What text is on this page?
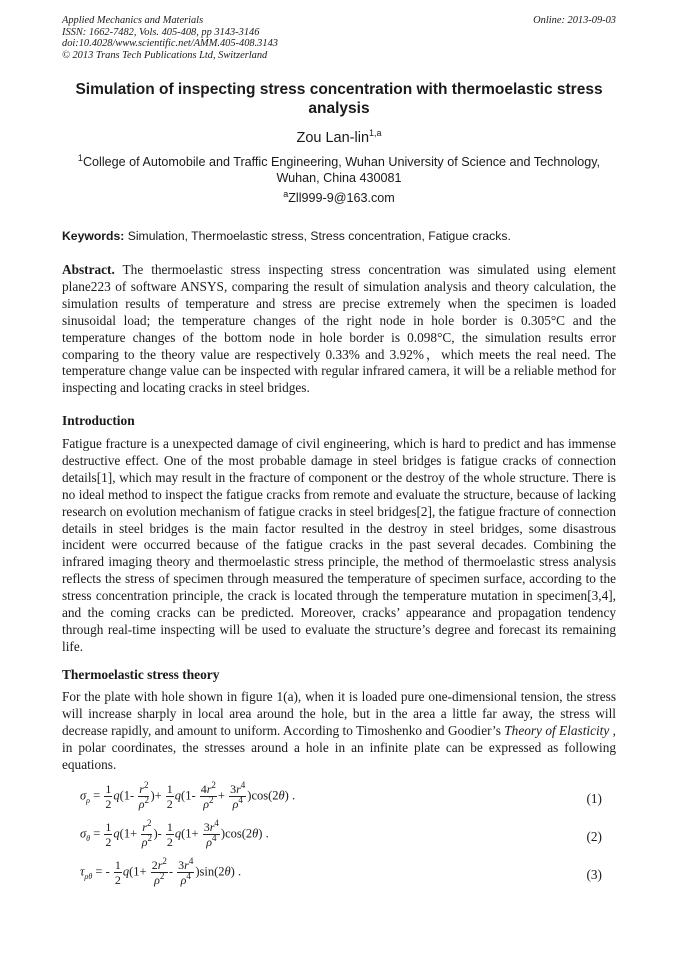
Applied Mechanics and Materials
ISSN: 1662-7482, Vols. 405-408, pp 3143-3146
doi:10.4028/www.scientific.net/AMM.405-408.3143
© 2013 Trans Tech Publications Ltd, Switzerland
Online: 2013-09-03
Simulation of inspecting stress concentration with thermoelastic stress analysis
Zou Lan-lin$^{1,a}$
$^1$College of Automobile and Traffic Engineering, Wuhan University of Science and Technology,
Wuhan, China 430081
$^a$Zll999-9@163.com
Keywords: Simulation, Thermoelastic stress, Stress concentration, Fatigue cracks.
Abstract. The thermoelastic stress inspecting stress concentration was simulated using element plane223 of software ANSYS, comparing the result of simulation analysis and theory calculation, the simulation results of temperature and stress are precise extremely when the specimen is loaded sinusoidal load; the temperature changes of the right node in hole border is 0.305°C and the temperature changes of the bottom node in hole border is 0.098°C, the simulation results error comparing to the theory value are respectively 0.33% and 3.92%，which meets the real need. The temperature change value can be inspected with regular infrared camera, it will be a reliable method for inspecting and locating cracks in steel bridges.
Introduction
Fatigue fracture is a unexpected damage of civil engineering, which is hard to predict and has immense destructive effect. One of the most probable damage in steel bridges is fatigue cracks of connection details[1], which may result in the fracture of component or the destroy of the whole structure. There is no ideal method to inspect the fatigue cracks from remote and evaluate the structure, because of lacking research on evolution mechanism of fatigue cracks in steel bridges[2], the fatigue fracture of connection details in steel bridges is the main factor resulted in the destroy in steel bridges, some disastrous incident were occurred because of the fatigue cracks in the past several decades. Combining the infrared imaging theory and thermoelastic stress principle, the method of thermoelastic stress analysis reflects the stress of specimen through measured the temperature of specimen surface, according to the stress concentration principle, the crack is located through the temperature mutation in specimen[3,4], and the coming cracks can be predicted. Moreover, cracks’ appearance and propagation tendency through real-time inspecting will be used to evaluate the structure’s degree and forecast its remaining life.
Thermoelastic stress theory
For the plate with hole shown in figure 1(a), when it is loaded pure one-dimensional tension, the stress will increase sharply in local area around the hole, but in the area a little far away, the stress will decrease rapidly, and amount to uniform. According to Timoshenko and Goodier’s Theory of Elasticity , in polar coordinates, the stresses around a hole in an infinite plate can be expressed as following equations.
$\sigma_\rho = \frac{1}{2} q(1- \frac{r^2}{\rho^2}$ )+ $\frac{1}{2} q(1- \frac{4r^2}{\rho^2} + \frac{3r^4}{\rho^4} )\cos(2\theta)$ .	(1)
$\sigma_\theta = \frac{1}{2} q(1+ \frac{r^2}{\rho^2}$ )- $\frac{1}{2} q(1+ \frac{3r^4}{\rho^4} )\cos(2\theta)$ .	(2)
$\tau_{\rho\theta}$ = - $\frac{1}{2} q(1+ \frac{2r^2}{\rho^2} - \frac{3r^4}{\rho^4} )\sin(2\theta)$ .	(3)
